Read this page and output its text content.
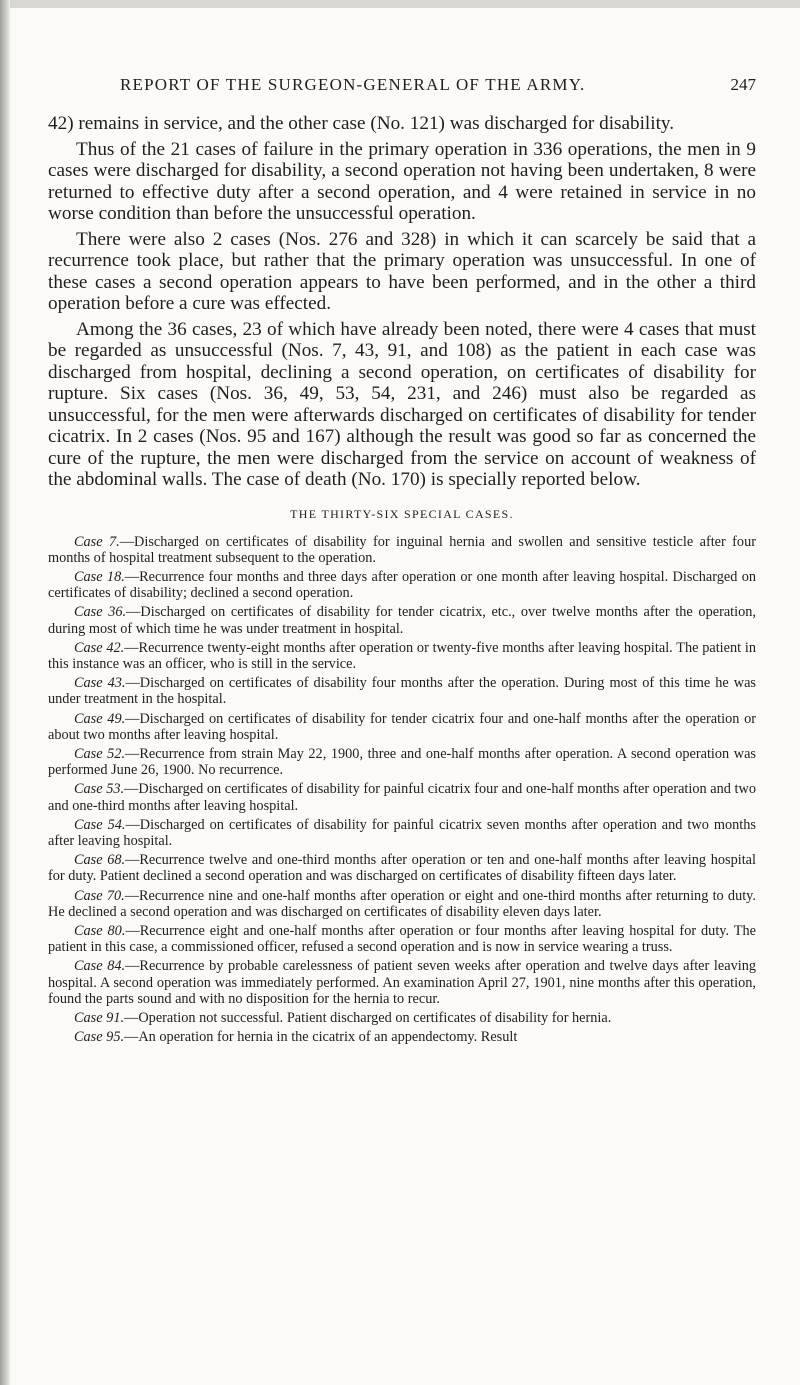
REPORT OF THE SURGEON-GENERAL OF THE ARMY.	247

42) remains in service, and the other case (No. 121) was discharged for disability.

Thus of the 21 cases of failure in the primary operation in 336 operations, the men in 9 cases were discharged for disability, a second operation not having been undertaken, 8 were returned to effective duty after a second operation, and 4 were retained in service in no worse condition than before the unsuccessful operation.

There were also 2 cases (Nos. 276 and 328) in which it can scarcely be said that a recurrence took place, but rather that the primary operation was unsuccessful. In one of these cases a second operation appears to have been performed, and in the other a third operation before a cure was effected.

Among the 36 cases, 23 of which have already been noted, there were 4 cases that must be regarded as unsuccessful (Nos. 7, 43, 91, and 108) as the patient in each case was discharged from hospital, declining a second operation, on certificates of disability for rupture. Six cases (Nos. 36, 49, 53, 54, 231, and 246) must also be regarded as unsuccessful, for the men were afterwards discharged on certificates of disability for tender cicatrix. In 2 cases (Nos. 95 and 167) although the result was good so far as concerned the cure of the rupture, the men were discharged from the service on account of weakness of the abdominal walls. The case of death (No. 170) is specially reported below.

THE THIRTY-SIX SPECIAL CASES.

Case 7.—Discharged on certificates of disability for inguinal hernia and swollen and sensitive testicle after four months of hospital treatment subsequent to the operation.

Case 18.—Recurrence four months and three days after operation or one month after leaving hospital. Discharged on certificates of disability; declined a second operation.

Case 36.—Discharged on certificates of disability for tender cicatrix, etc., over twelve months after the operation, during most of which time he was under treatment in hospital.

Case 42.—Recurrence twenty-eight months after operation or twenty-five months after leaving hospital. The patient in this instance was an officer, who is still in the service.

Case 43.—Discharged on certificates of disability four months after the operation. During most of this time he was under treatment in the hospital.

Case 49.—Discharged on certificates of disability for tender cicatrix four and one-half months after the operation or about two months after leaving hospital.

Case 52.—Recurrence from strain May 22, 1900, three and one-half months after operation. A second operation was performed June 26, 1900. No recurrence.

Case 53.—Discharged on certificates of disability for painful cicatrix four and one-half months after operation and two and one-third months after leaving hospital.

Case 54.—Discharged on certificates of disability for painful cicatrix seven months after operation and two months after leaving hospital.

Case 68.—Recurrence twelve and one-third months after operation or ten and one-half months after leaving hospital for duty. Patient declined a second operation and was discharged on certificates of disability fifteen days later.

Case 70.—Recurrence nine and one-half months after operation or eight and one-third months after returning to duty. He declined a second operation and was discharged on certificates of disability eleven days later.

Case 80.—Recurrence eight and one-half months after operation or four months after leaving hospital for duty. The patient in this case, a commissioned officer, refused a second operation and is now in service wearing a truss.

Case 84.—Recurrence by probable carelessness of patient seven weeks after operation and twelve days after leaving hospital. A second operation was immediately performed. An examination April 27, 1901, nine months after this operation, found the parts sound and with no disposition for the hernia to recur.

Case 91.—Operation not successful. Patient discharged on certificates of disability for hernia.

Case 95.—An operation for hernia in the cicatrix of an appendectomy. Result
